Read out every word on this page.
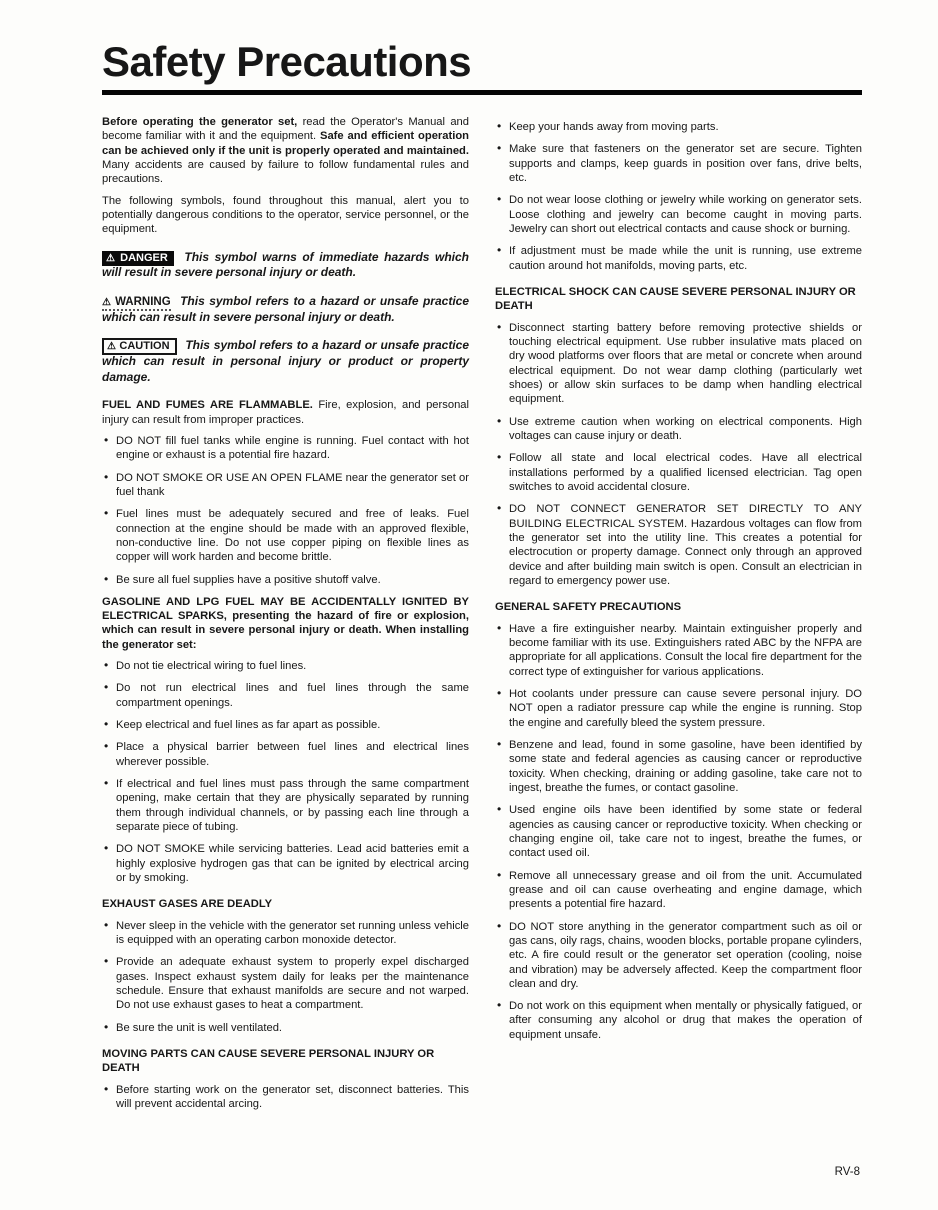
Safety Precautions

Before operating the generator set, read the Operator's Manual and become familiar with it and the equipment. Safe and efficient operation can be achieved only if the unit is properly operated and maintained. Many accidents are caused by failure to follow fundamental rules and precautions.

The following symbols, found throughout this manual, alert you to potentially dangerous conditions to the operator, service personnel, or the equipment.

⚠ DANGER This symbol warns of immediate hazards which will result in severe personal injury or death.

⚠ WARNING This symbol refers to a hazard or unsafe practice which can result in severe personal injury or death.

⚠ CAUTION This symbol refers to a hazard or unsafe practice which can result in personal injury or product or property damage.

FUEL AND FUMES ARE FLAMMABLE. Fire, explosion, and personal injury can result from improper practices.

• DO NOT fill fuel tanks while engine is running. Fuel contact with hot engine or exhaust is a potential fire hazard.
• DO NOT SMOKE OR USE AN OPEN FLAME near the generator set or fuel thank
• Fuel lines must be adequately secured and free of leaks. Fuel connection at the engine should be made with an approved flexible, non-conductive line. Do not use copper piping on flexible lines as copper will work harden and become brittle.
• Be sure all fuel supplies have a positive shutoff valve.

GASOLINE AND LPG FUEL MAY BE ACCIDENTALLY IGNITED BY ELECTRICAL SPARKS, presenting the hazard of fire or explosion, which can result in severe personal injury or death. When installing the generator set:

• Do not tie electrical wiring to fuel lines.
• Do not run electrical lines and fuel lines through the same compartment openings.
• Keep electrical and fuel lines as far apart as possible.
• Place a physical barrier between fuel lines and electrical lines wherever possible.
• If electrical and fuel lines must pass through the same compartment opening, make certain that they are physically separated by running them through individual channels, or by passing each line through a separate piece of tubing.
• DO NOT SMOKE while servicing batteries. Lead acid batteries emit a highly explosive hydrogen gas that can be ignited by electrical arcing or by smoking.

EXHAUST GASES ARE DEADLY

• Never sleep in the vehicle with the generator set running unless vehicle is equipped with an operating carbon monoxide detector.
• Provide an adequate exhaust system to properly expel discharged gases. Inspect exhaust system daily for leaks per the maintenance schedule. Ensure that exhaust manifolds are secure and not warped. Do not use exhaust gases to heat a compartment.
• Be sure the unit is well ventilated.

MOVING PARTS CAN CAUSE SEVERE PERSONAL INJURY OR DEATH

• Before starting work on the generator set, disconnect batteries. This will prevent accidental arcing.
• Keep your hands away from moving parts.
• Make sure that fasteners on the generator set are secure. Tighten supports and clamps, keep guards in position over fans, drive belts, etc.
• Do not wear loose clothing or jewelry while working on generator sets. Loose clothing and jewelry can become caught in moving parts. Jewelry can short out electrical contacts and cause shock or burning.
• If adjustment must be made while the unit is running, use extreme caution around hot manifolds, moving parts, etc.

ELECTRICAL SHOCK CAN CAUSE SEVERE PERSONAL INJURY OR DEATH

• Disconnect starting battery before removing protective shields or touching electrical equipment. Use rubber insulative mats placed on dry wood platforms over floors that are metal or concrete when around electrical equipment. Do not wear damp clothing (particularly wet shoes) or allow skin surfaces to be damp when handling electrical equipment.
• Use extreme caution when working on electrical components. High voltages can cause injury or death.
• Follow all state and local electrical codes. Have all electrical installations performed by a qualified licensed electrician. Tag open switches to avoid accidental closure.
• DO NOT CONNECT GENERATOR SET DIRECTLY TO ANY BUILDING ELECTRICAL SYSTEM. Hazardous voltages can flow from the generator set into the utility line. This creates a potential for electrocution or property damage. Connect only through an approved device and after building main switch is open. Consult an electrician in regard to emergency power use.

GENERAL SAFETY PRECAUTIONS

• Have a fire extinguisher nearby. Maintain extinguisher properly and become familiar with its use. Extinguishers rated ABC by the NFPA are appropriate for all applications. Consult the local fire department for the correct type of extinguisher for various applications.
• Hot coolants under pressure can cause severe personal injury. DO NOT open a radiator pressure cap while the engine is running. Stop the engine and carefully bleed the system pressure.
• Benzene and lead, found in some gasoline, have been identified by some state and federal agencies as causing cancer or reproductive toxicity. When checking, draining or adding gasoline, take care not to ingest, breathe the fumes, or contact gasoline.
• Used engine oils have been identified by some state or federal agencies as causing cancer or reproductive toxicity. When checking or changing engine oil, take care not to ingest, breathe the fumes, or contact used oil.
• Remove all unnecessary grease and oil from the unit. Accumulated grease and oil can cause overheating and engine damage, which presents a potential fire hazard.
• DO NOT store anything in the generator compartment such as oil or gas cans, oily rags, chains, wooden blocks, portable propane cylinders, etc. A fire could result or the generator set operation (cooling, noise and vibration) may be adversely affected. Keep the compartment floor clean and dry.
• Do not work on this equipment when mentally or physically fatigued, or after consuming any alcohol or drug that makes the operation of equipment unsafe.
RV-8
